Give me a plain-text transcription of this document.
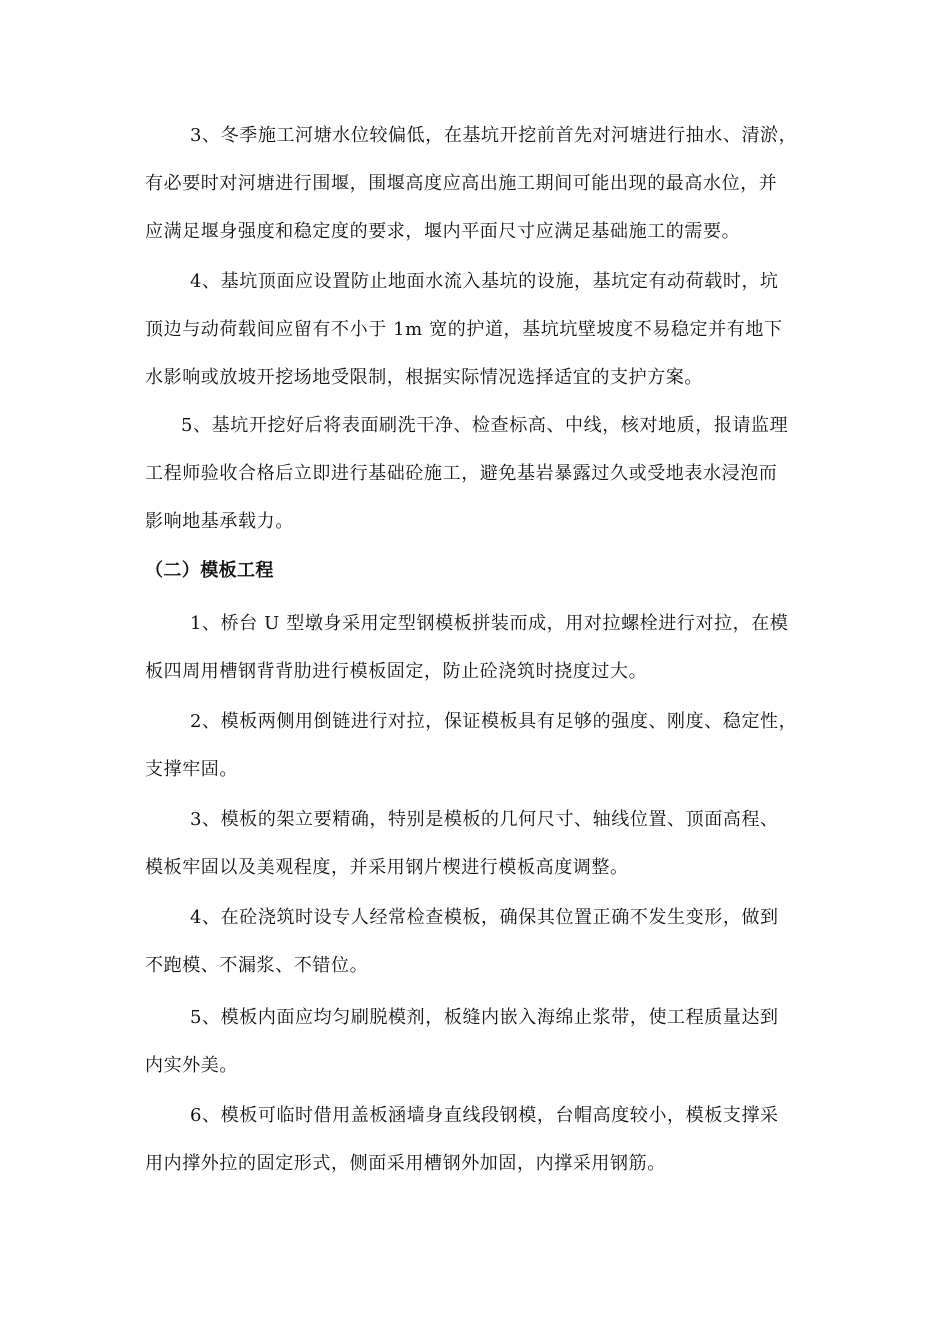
3、冬季施工河塘水位较偏低，在基坑开挖前首先对河塘进行抽水、清淤，
有必要时对河塘进行围堰，围堰高度应高出施工期间可能出现的最高水位，并
应满足堰身强度和稳定度的要求，堰内平面尺寸应满足基础施工的需要。
4、基坑顶面应设置防止地面水流入基坑的设施，基坑定有动荷载时，坑
顶边与动荷载间应留有不小于 1m 宽的护道，基坑坑壁坡度不易稳定并有地下
水影响或放坡开挖场地受限制，根据实际情况选择适宜的支护方案。
5、基坑开挖好后将表面刷洗干净、检查标高、中线，核对地质，报请监理
工程师验收合格后立即进行基础砼施工，避免基岩暴露过久或受地表水浸泡而
影响地基承载力。
（二）模板工程
1、桥台 U 型墩身采用定型钢模板拼装而成，用对拉螺栓进行对拉，在模
板四周用槽钢背背肋进行模板固定，防止砼浇筑时挠度过大。
2、模板两侧用倒链进行对拉，保证模板具有足够的强度、刚度、稳定性，
支撑牢固。
3、模板的架立要精确，特别是模板的几何尺寸、轴线位置、顶面高程、
模板牢固以及美观程度，并采用钢片楔进行模板高度调整。
4、在砼浇筑时设专人经常检查模板，确保其位置正确不发生变形，做到
不跑模、不漏浆、不错位。
5、模板内面应均匀刷脱模剂，板缝内嵌入海绵止浆带，使工程质量达到
内实外美。
6、模板可临时借用盖板涵墙身直线段钢模，台帽高度较小，模板支撑采
用内撑外拉的固定形式，侧面采用槽钢外加固，内撑采用钢筋。
